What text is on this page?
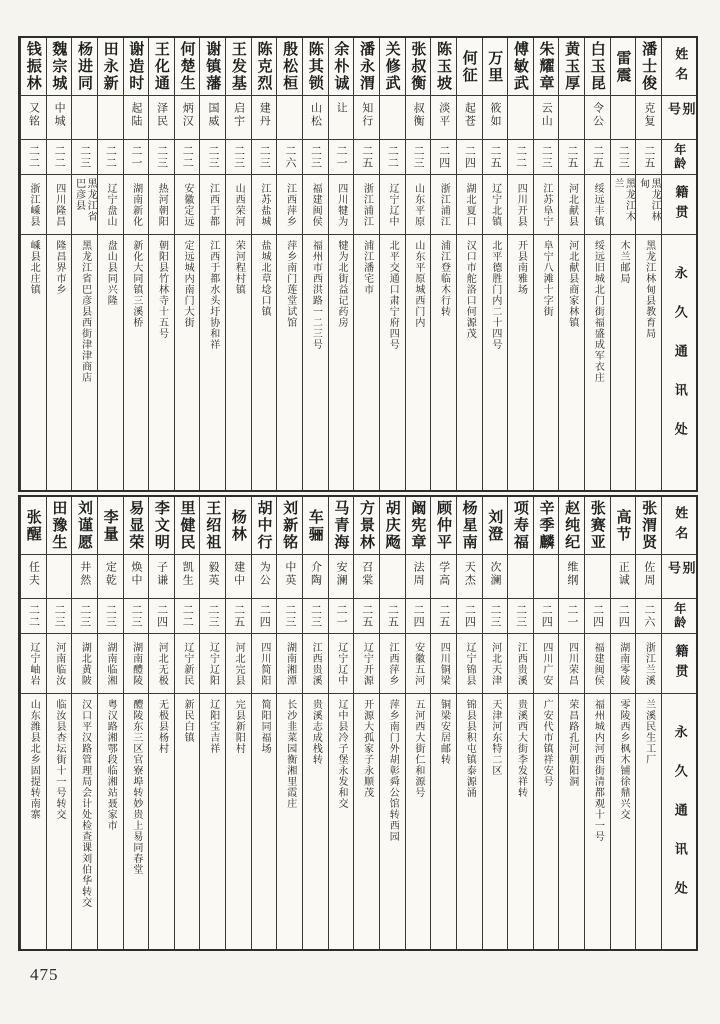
姓名
别号
年龄
籍贯
永久通讯处
潘士俊
克复
二五
黑龙江林甸
黑龙江林甸县教育局
雷震
二三
黑龙江木兰
木兰邮局
白玉昆
令公
二五
绥远丰镇
绥远旧城北门街福盛成军衣庄
黄玉厚
二五
河北献县
河北献县商家林镇
朱耀章
云山
二三
江苏阜宁
阜宁八滩十字街
傅敏武
二二
四川开县
开县南雅场
万里
筱如
二五
辽宁北镇
北平德胜门内二十四号
何征
起苍
二四
湖北夏口
汉口市舵洛口何源茂
陈玉坡
淡平
二四
浙江浦江
浦江登临木行转
张叔衡
叔衡
二三
山东平原
山东平原城西门内
关修武
二二
辽宁辽中
北平交通口肃宁府四号
潘永渭
知行
二五
浙江浦江
浦江潘宅市
余朴诚
让
二一
四川犍为
犍为北街益记药房
陈其锁
山松
二三
福建闽侯
福州市西洪路一二三号
殷松桓
二六
江西萍乡
萍乡南门莲堂试馆
陈克烈
建丹
二三
江苏盐城
盐城北草埝口镇
王发基
启宇
二三
山西荣河
荣河程村镇
谢镇藩
国威
二三
江西于都
江西于都水头圩协和祥
何楚生
炳汉
二二
安徽定远
定远城内南门大街
王化通
泽民
二三
热河朝阳
朝阳县竹林寺十五号
谢造时
起陆
二一
湖南新化
新化大同镇三溪桥
田永新
二二
辽宁盘山
盘山县同兴隆
杨进同
二三
黑龙江省巴彦县
黑龙江省巴彦县西街津津商店
魏宗城
中城
二二
四川隆昌
隆昌界市乡
钱振林
又铭
二二
浙江嵊县
嵊县北庄镇
姓名
别号
年龄
籍贯
永久通讯处
张渭贤
佐周
二六
浙江兰溪
兰溪民生工厂
高节
正诚
二四
湖南零陵
零陵西乡枫木铺徐鼎兴交
张赛亚
二四
福建闽侯
福州城内河西街清都观十一号
赵纯纪
维纲
二一
四川荣昌
荣昌路孔河朝阳洞
辛季麟
二四
四川广安
广安代市镇祥安号
项寿福
二三
江西贵溪
贵溪西大街李发祥转
刘澄
次澜
二三
河北天津
天津河东特二区
杨星南
天杰
二四
辽宁锦县
锦县县积屯镇泰源涌
顾仲平
学高
二五
四川铜梁
铜梁安居邮转
阚宪章
法周
二四
安徽五河
五河西大街仁和源号
胡庆飏
二五
江西萍乡
萍乡南门外胡彰舜公馆转西园
方景林
召棠
二五
辽宁开源
开源大孤家子永顺茂
马青海
安澜
二一
辽宁辽中
辽中县冷子堡永发和交
车骊
介陶
二三
江西贵溪
贵溪志成栈转
刘新铭
中英
二三
湖南湘潭
长沙韭菜园衡湘里霞庄
胡中行
为公
二四
四川简阳
简阳同福场
杨林
建中
二五
河北完县
完县新阳村
王绍祖
毅英
二三
辽宁辽阳
辽阳宝吉祥
里健民
凯生
二二
辽宁新民
新民白镇
李文明
子谦
二四
河北无极
无极县杨村
易显荣
焕中
二三
湖南醴陵
醴陵东三区官寮埠转妙贵上易同春堂
李量
定乾
二三
湖南临湘
粤汉路湘鄂段临湘站聂家市
刘谨愿
井然
二三
湖北黄陂
汉口平汉路管理局会计处检查课刘伯华转交
田豫生
二三
河南临汝
临汝县杏坛街十一号转交
张醒
任夫
二二
辽宁岫岩
山东潍县北乡固提转南寨
475
